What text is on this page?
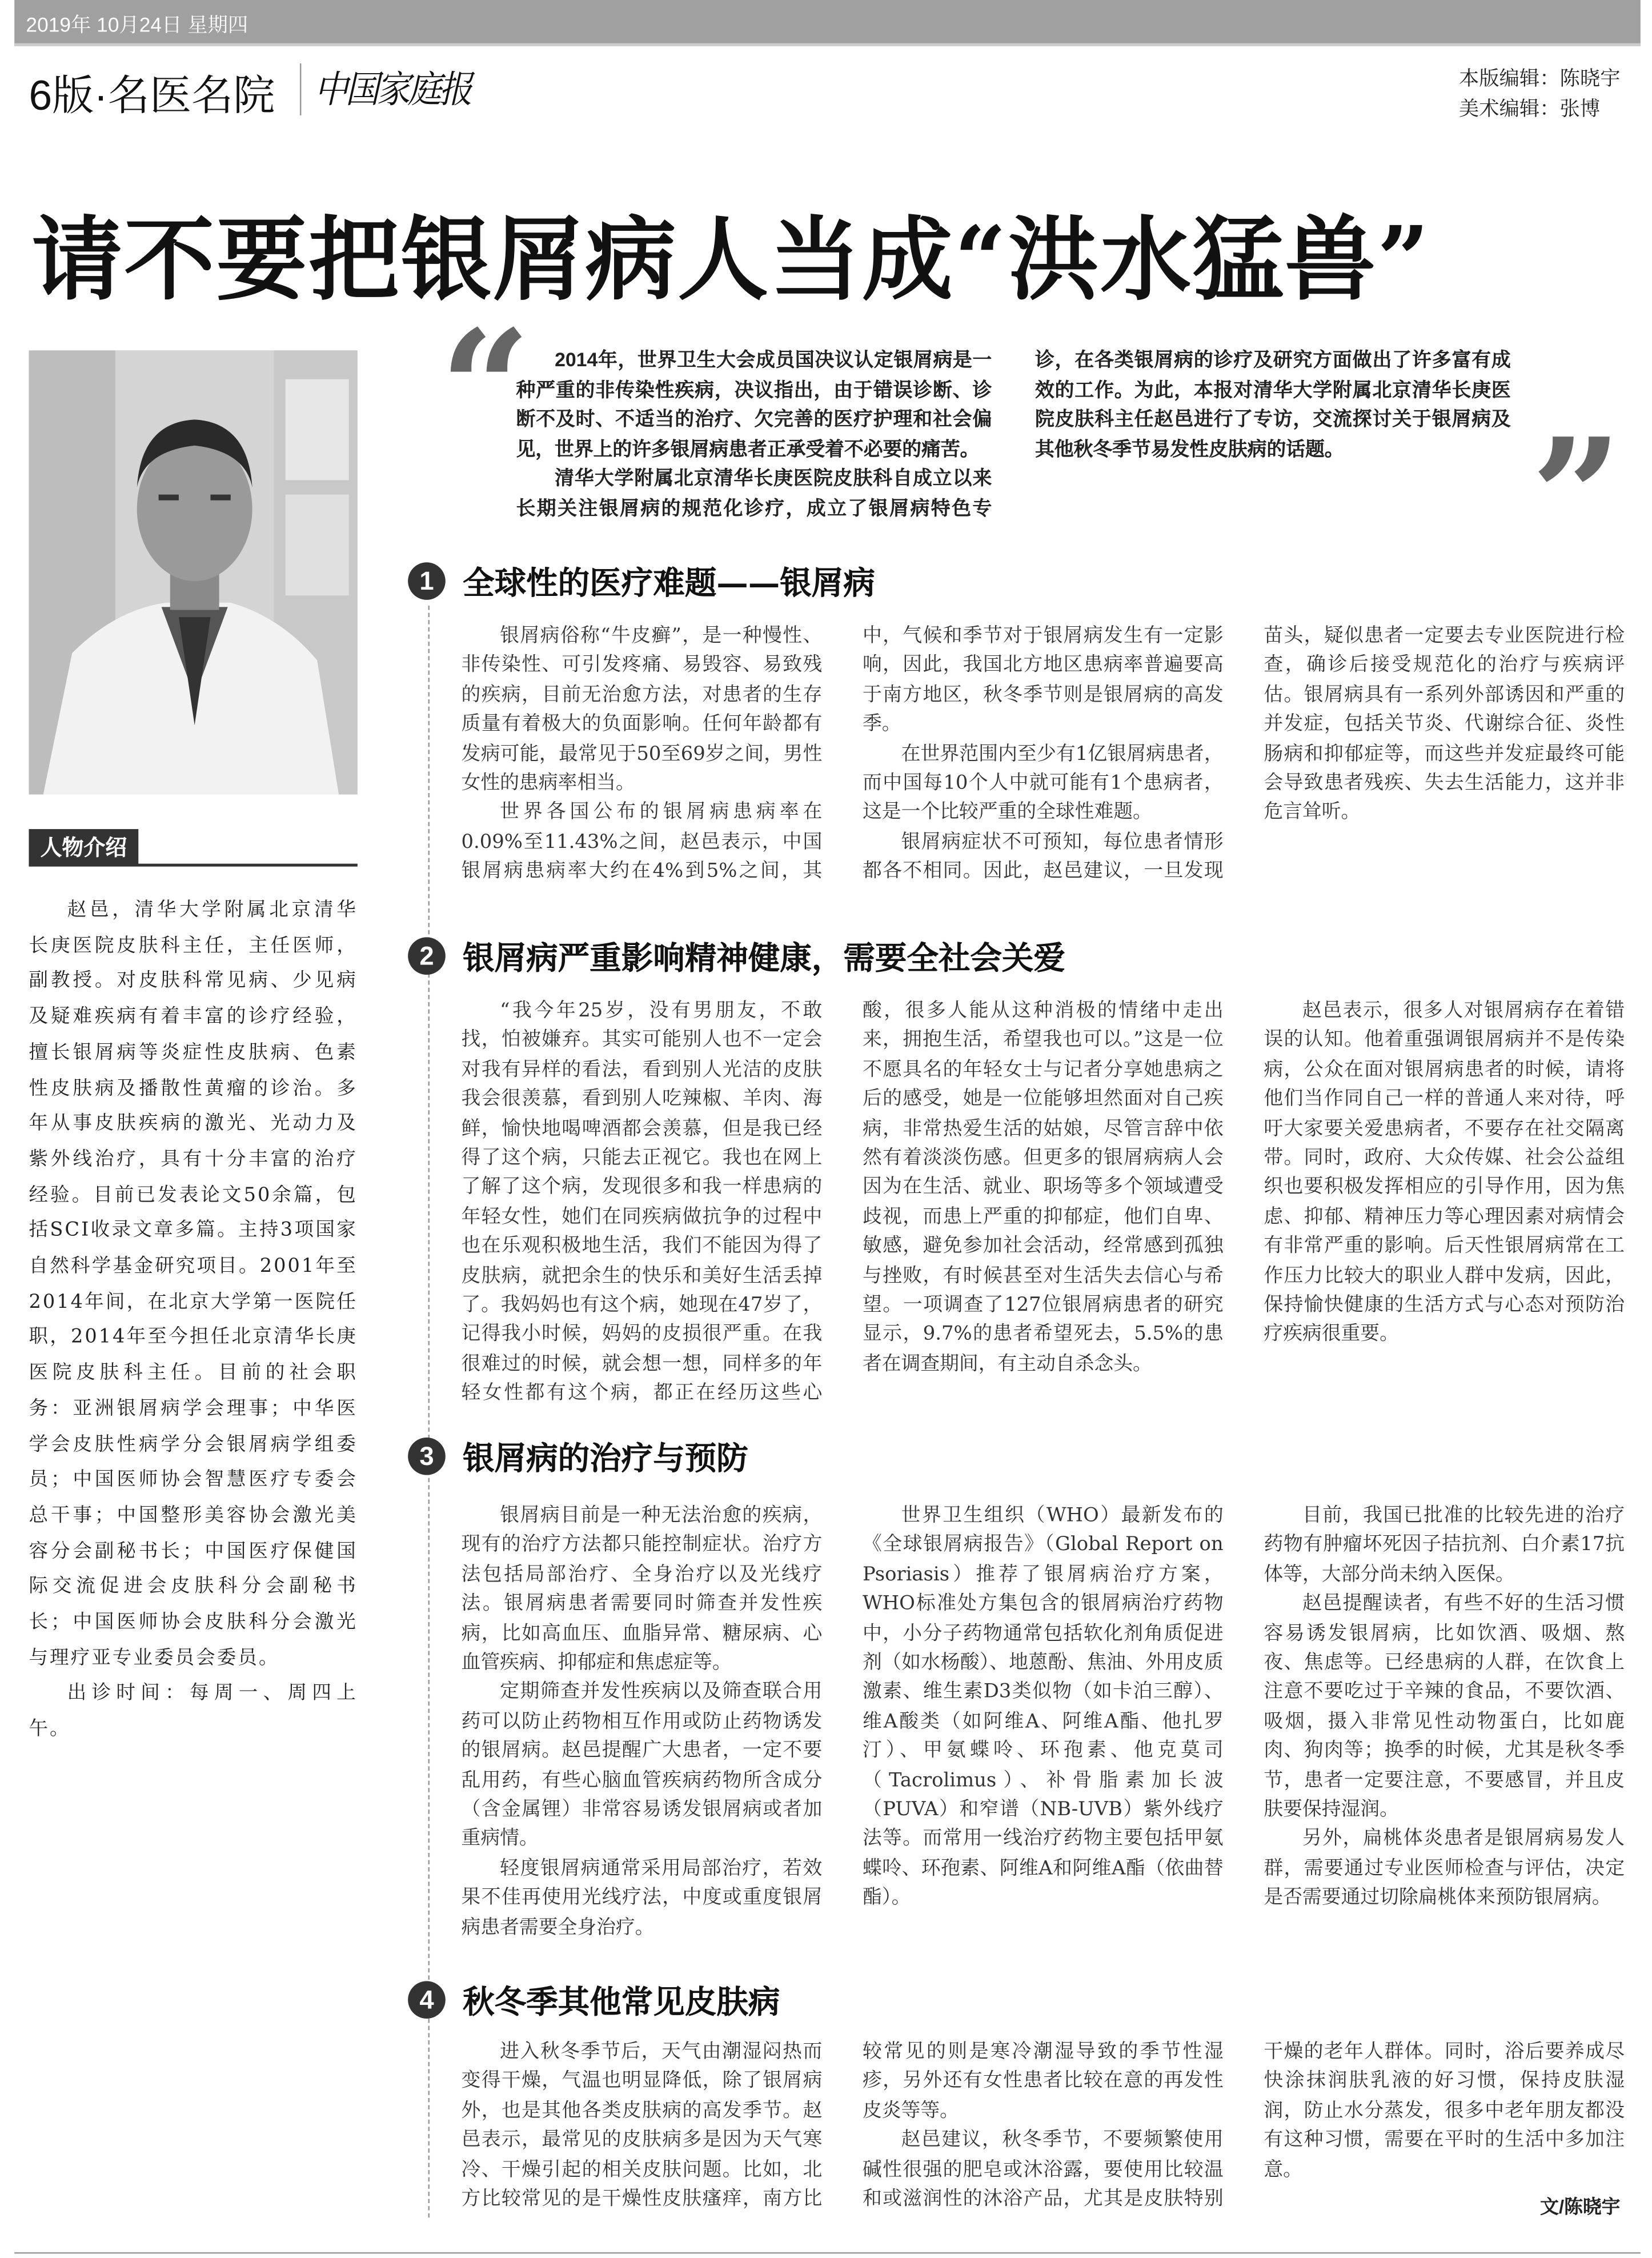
2019年 10月24日 星期四
6版·名医名院	中国家庭报	本版编辑：陈晓宇
美术编辑：张博
请不要把银屑病人当成“洪水猛兽”
人物介绍

赵邑，清华大学附属北京清华长庚医院皮肤科主任，主任医师，副教授。对皮肤科常见病、少见病及疑难疾病有着丰富的诊疗经验，擅长银屑病等炎症性皮肤病、色素性皮肤病及播散性黄瘤的诊治。多年从事皮肤疾病的激光、光动力及紫外线治疗，具有十分丰富的治疗经验。目前已发表论文50余篇，包括SCI收录文章多篇。主持3项国家自然科学基金研究项目。2001年至2014年间，在北京大学第一医院任职，2014年至今担任北京清华长庚医院皮肤科主任。目前的社会职务：亚洲银屑病学会理事；中华医学会皮肤性病学分会银屑病学组委员；中国医师协会智慧医疗专委会总干事；中国整形美容协会激光美容分会副秘书长；中国医疗保健国际交流促进会皮肤科分会副秘书长；中国医师协会皮肤科分会激光与理疗亚专业委员会委员。

出诊时间：每周一、周四上午。

“
”

2014年，世界卫生大会成员国决议认定银屑病是一种严重的非传染性疾病，决议指出，由于错误诊断、诊断不及时、不适当的治疗、欠完善的医疗护理和社会偏见，世界上的许多银屑病患者正承受着不必要的痛苦。

清华大学附属北京清华长庚医院皮肤科自成立以来长期关注银屑病的规范化诊疗，成立了银屑病特色专诊，在各类银屑病的诊疗及研究方面做出了许多富有成效的工作。为此，本报对清华大学附属北京清华长庚医院皮肤科主任赵邑进行了专访，交流探讨关于银屑病及其他秋冬季节易发性皮肤病的话题。

1	全球性的医疗难题——银屑病

银屑病俗称“牛皮癣”，是一种慢性、非传染性、可引发疼痛、易毁容、易致残的疾病，目前无治愈方法，对患者的生存质量有着极大的负面影响。任何年龄都有发病可能，最常见于50至69岁之间，男性女性的患病率相当。

世界各国公布的银屑病患病率在0.09%至11.43%之间，赵邑表示，中国银屑病患病率大约在4%到5%之间，其中，气候和季节对于银屑病发生有一定影响，因此，我国北方地区患病率普遍要高于南方地区，秋冬季节则是银屑病的高发季。

在世界范围内至少有1亿银屑病患者，而中国每10个人中就可能有1个患病者，这是一个比较严重的全球性难题。

银屑病症状不可预知，每位患者情形都各不相同。因此，赵邑建议，一旦发现苗头，疑似患者一定要去专业医院进行检查，确诊后接受规范化的治疗与疾病评估。银屑病具有一系列外部诱因和严重的并发症，包括关节炎、代谢综合征、炎性肠病和抑郁症等，而这些并发症最终可能会导致患者残疾、失去生活能力，这并非危言耸听。

2	银屑病严重影响精神健康，需要全社会关爱

“我今年25岁，没有男朋友，不敢找，怕被嫌弃。其实可能别人也不一定会对我有异样的看法，看到别人光洁的皮肤我会很羡慕，看到别人吃辣椒、羊肉、海鲜，愉快地喝啤酒都会羡慕，但是我已经得了这个病，只能去正视它。我也在网上了解了这个病，发现很多和我一样患病的年轻女性，她们在同疾病做抗争的过程中也在乐观积极地生活，我们不能因为得了皮肤病，就把余生的快乐和美好生活丢掉了。我妈妈也有这个病，她现在47岁了，记得我小时候，妈妈的皮损很严重。在我很难过的时候，就会想一想，同样多的年轻女性都有这个病，都正在经历这些心酸，很多人能从这种消极的情绪中走出来，拥抱生活，希望我也可以。”这是一位不愿具名的年轻女士与记者分享她患病之后的感受，她是一位能够坦然面对自己疾病，非常热爱生活的姑娘，尽管言辞中依然有着淡淡伤感。但更多的银屑病病人会因为在生活、就业、职场等多个领域遭受歧视，而患上严重的抑郁症，他们自卑、敏感，避免参加社会活动，经常感到孤独与挫败，有时候甚至对生活失去信心与希望。一项调查了127位银屑病患者的研究显示，9.7%的患者希望死去，5.5%的患者在调查期间，有主动自杀念头。

赵邑表示，很多人对银屑病存在着错误的认知。他着重强调银屑病并不是传染病，公众在面对银屑病患者的时候，请将他们当作同自己一样的普通人来对待，呼吁大家要关爱患病者，不要存在社交隔离带。同时，政府、大众传媒、社会公益组织也要积极发挥相应的引导作用，因为焦虑、抑郁、精神压力等心理因素对病情会有非常严重的影响。后天性银屑病常在工作压力比较大的职业人群中发病，因此，保持愉快健康的生活方式与心态对预防治疗疾病很重要。

3	银屑病的治疗与预防

银屑病目前是一种无法治愈的疾病，现有的治疗方法都只能控制症状。治疗方法包括局部治疗、全身治疗以及光线疗法。银屑病患者需要同时筛查并发性疾病，比如高血压、血脂异常、糖尿病、心血管疾病、抑郁症和焦虑症等。

定期筛查并发性疾病以及筛查联合用药可以防止药物相互作用或防止药物诱发的银屑病。赵邑提醒广大患者，一定不要乱用药，有些心脑血管疾病药物所含成分（含金属锂）非常容易诱发银屑病或者加重病情。

轻度银屑病通常采用局部治疗，若效果不佳再使用光线疗法，中度或重度银屑病患者需要全身治疗。

世界卫生组织（WHO）最新发布的《全球银屑病报告》（Global Report on Psoriasis）推荐了银屑病治疗方案，WHO标准处方集包含的银屑病治疗药物中，小分子药物通常包括软化剂角质促进剂（如水杨酸）、地蒽酚、焦油、外用皮质激素、维生素D3类似物（如卡泊三醇）、维A酸类（如阿维A、阿维A酯、他扎罗汀）、甲氨蝶呤、环孢素、他克莫司（Tacrolimus）、补骨脂素加长波（PUVA）和窄谱（NB-UVB）紫外线疗法等。而常用一线治疗药物主要包括甲氨蝶呤、环孢素、阿维A和阿维A酯（依曲替酯）。

目前，我国已批准的比较先进的治疗药物有肿瘤坏死因子拮抗剂、白介素17抗体等，大部分尚未纳入医保。

赵邑提醒读者，有些不好的生活习惯容易诱发银屑病，比如饮酒、吸烟、熬夜、焦虑等。已经患病的人群，在饮食上注意不要吃过于辛辣的食品，不要饮酒、吸烟，摄入非常见性动物蛋白，比如鹿肉、狗肉等；换季的时候，尤其是秋冬季节，患者一定要注意，不要感冒，并且皮肤要保持湿润。

另外，扁桃体炎患者是银屑病易发人群，需要通过专业医师检查与评估，决定是否需要通过切除扁桃体来预防银屑病。

4	秋冬季其他常见皮肤病

进入秋冬季节后，天气由潮湿闷热而变得干燥，气温也明显降低，除了银屑病外，也是其他各类皮肤病的高发季节。赵邑表示，最常见的皮肤病多是因为天气寒冷、干燥引起的相关皮肤问题。比如，北方比较常见的是干燥性皮肤瘙痒，南方比较常见的则是寒冷潮湿导致的季节性湿疹，另外还有女性患者比较在意的再发性皮炎等等。

赵邑建议，秋冬季节，不要频繁使用碱性很强的肥皂或沐浴露，要使用比较温和或滋润性的沐浴产品，尤其是皮肤特别干燥的老年人群体。同时，浴后要养成尽快涂抹润肤乳液的好习惯，保持皮肤湿润，防止水分蒸发，很多中老年朋友都没有这种习惯，需要在平时的生活中多加注意。

文/陈晓宇
